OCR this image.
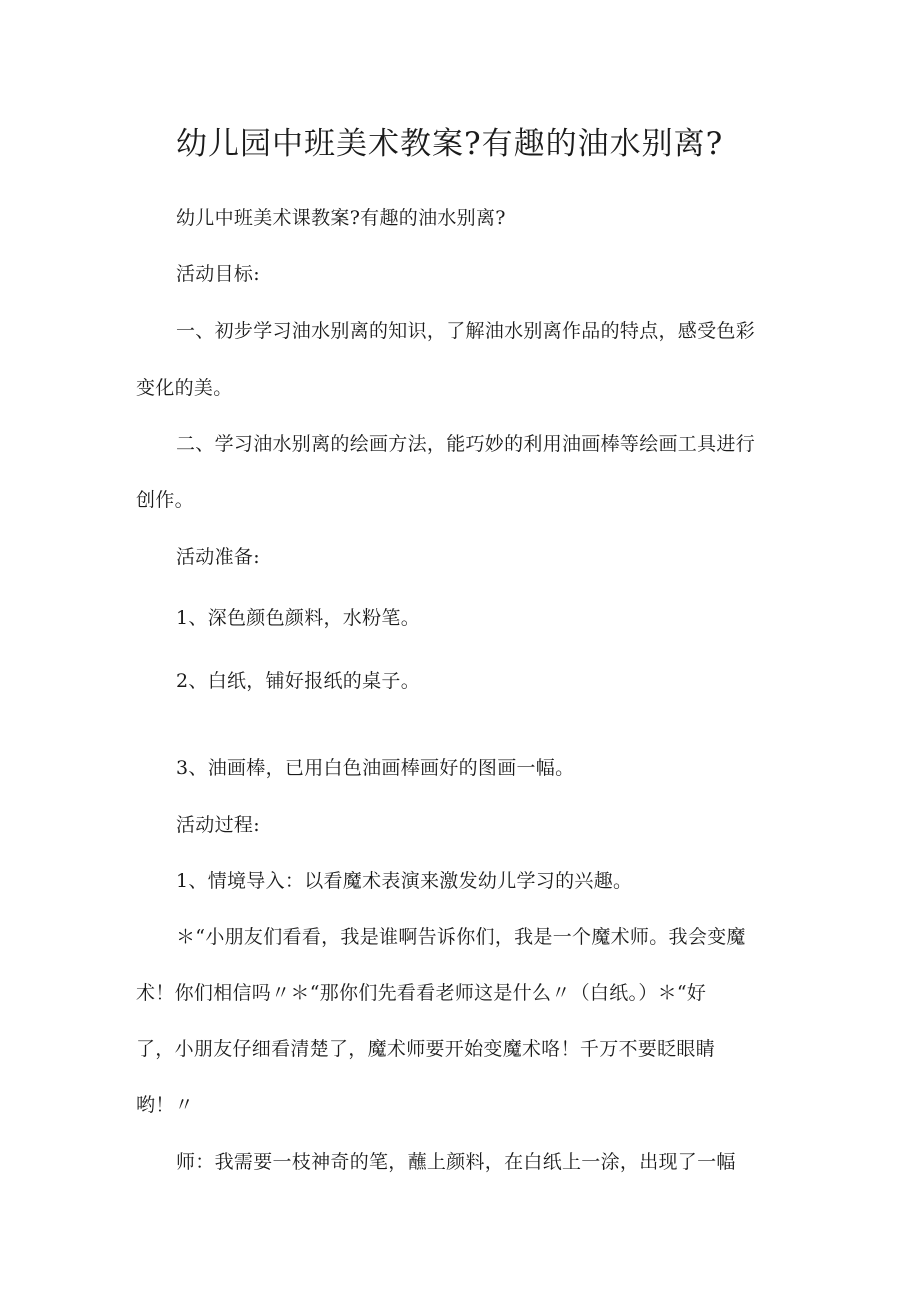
幼儿园中班美术教案?有趣的油水别离?
幼儿中班美术课教案?有趣的油水别离?
活动目标:
一、初步学习油水别离的知识，了解油水别离作品的特点，感受色彩
变化的美。
二、学习油水别离的绘画方法，能巧妙的利用油画棒等绘画工具进行
创作。
活动准备:
1、深色颜色颜料，水粉笔。
2、白纸，铺好报纸的桌子。
3、油画棒，已用白色油画棒画好的图画一幅。
活动过程:
1、情境导入：以看魔术表演来激发幼儿学习的兴趣。
＊“小朋友们看看，我是谁啊告诉你们，我是一个魔术师。我会变魔
术！你们相信吗〃＊“那你们先看看老师这是什么〃（白纸。）＊“好
了，小朋友仔细看清楚了，魔术师要开始变魔术咯！千万不要眨眼睛
哟！〃
师：我需要一枝神奇的笔，蘸上颜料，在白纸上一涂，出现了一幅
